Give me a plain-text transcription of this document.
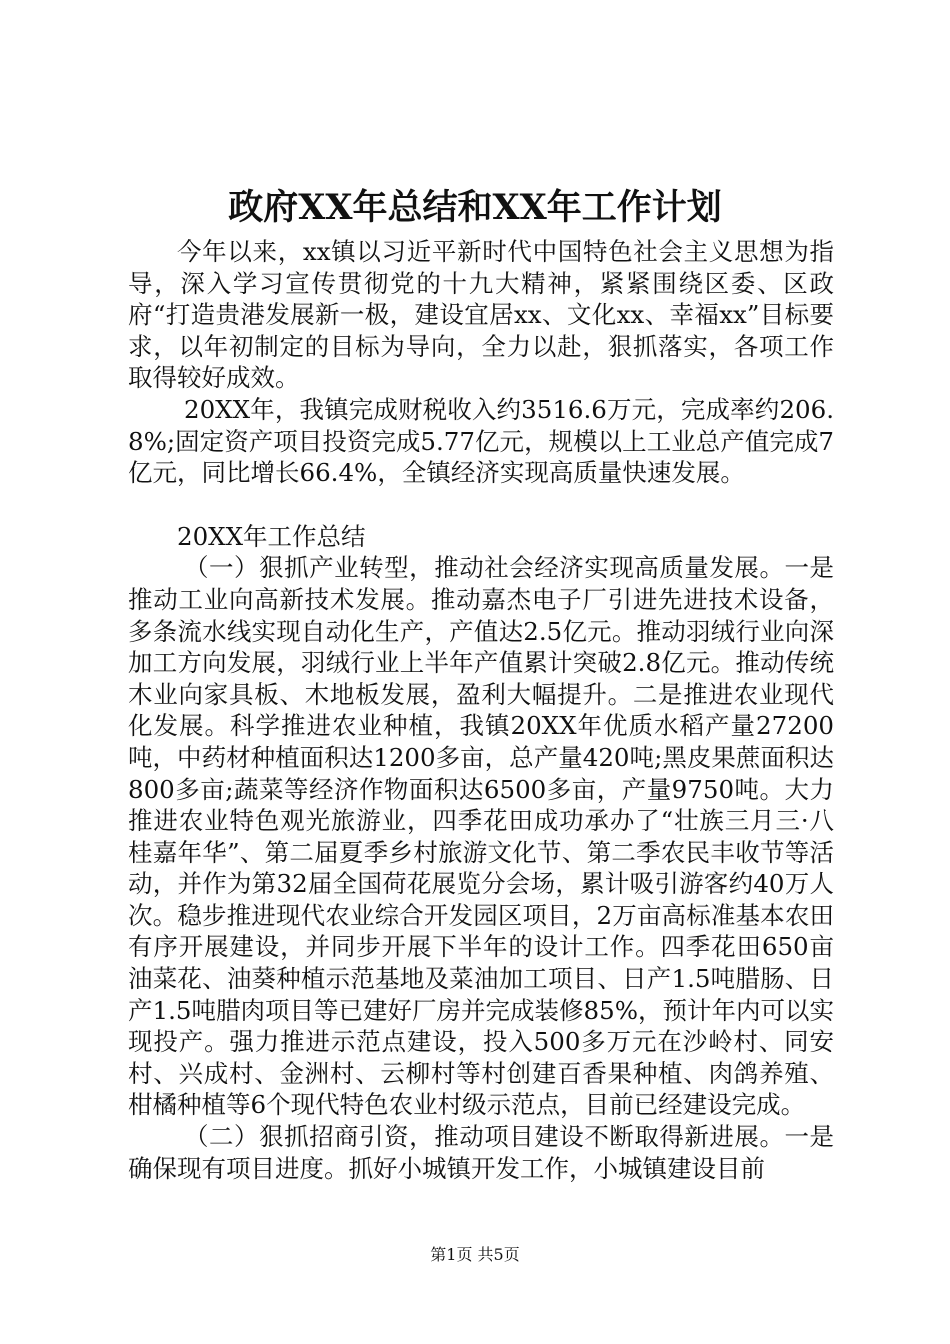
政府XX年总结和XX年工作计划

今年以来，xx镇以习近平新时代中国特色社会主义思想为指导，深入学习宣传贯彻党的十九大精神，紧紧围绕区委、区政府“打造贵港发展新一极，建设宜居xx、文化xx、幸福xx”目标要求，以年初制定的目标为导向，全力以赴，狠抓落实，各项工作取得较好成效。

20XX年，我镇完成财税收入约3516.6万元，完成率约206.8%;固定资产项目投资完成5.77亿元，规模以上工业总产值完成7亿元，同比增长66.4%，全镇经济实现高质量快速发展。

20XX年工作总结

（一）狠抓产业转型，推动社会经济实现高质量发展。一是推动工业向高新技术发展。推动嘉杰电子厂引进先进技术设备，多条流水线实现自动化生产，产值达2.5亿元。推动羽绒行业向深加工方向发展，羽绒行业上半年产值累计突破2.8亿元。推动传统木业向家具板、木地板发展，盈利大幅提升。二是推进农业现代化发展。科学推进农业种植，我镇20XX年优质水稻产量27200吨，中药材种植面积达1200多亩，总产量420吨;黑皮果蔗面积达800多亩;蔬菜等经济作物面积达6500多亩，产量9750吨。大力推进农业特色观光旅游业，四季花田成功承办了“壮族三月三·八桂嘉年华”、第二届夏季乡村旅游文化节、第二季农民丰收节等活动，并作为第32届全国荷花展览分会场，累计吸引游客约40万人次。稳步推进现代农业综合开发园区项目，2万亩高标准基本农田有序开展建设，并同步开展下半年的设计工作。四季花田650亩油菜花、油葵种植示范基地及菜油加工项目、日产1.5吨腊肠、日产1.5吨腊肉项目等已建好厂房并完成装修85%，预计年内可以实现投产。强力推进示范点建设，投入500多万元在沙岭村、同安村、兴成村、金洲村、云柳村等村创建百香果种植、肉鸽养殖、柑橘种植等6个现代特色农业村级示范点，目前已经建设完成。

（二）狠抓招商引资，推动项目建设不断取得新进展。一是确保现有项目进度。抓好小城镇开发工作，小城镇建设目前

第1页 共5页
